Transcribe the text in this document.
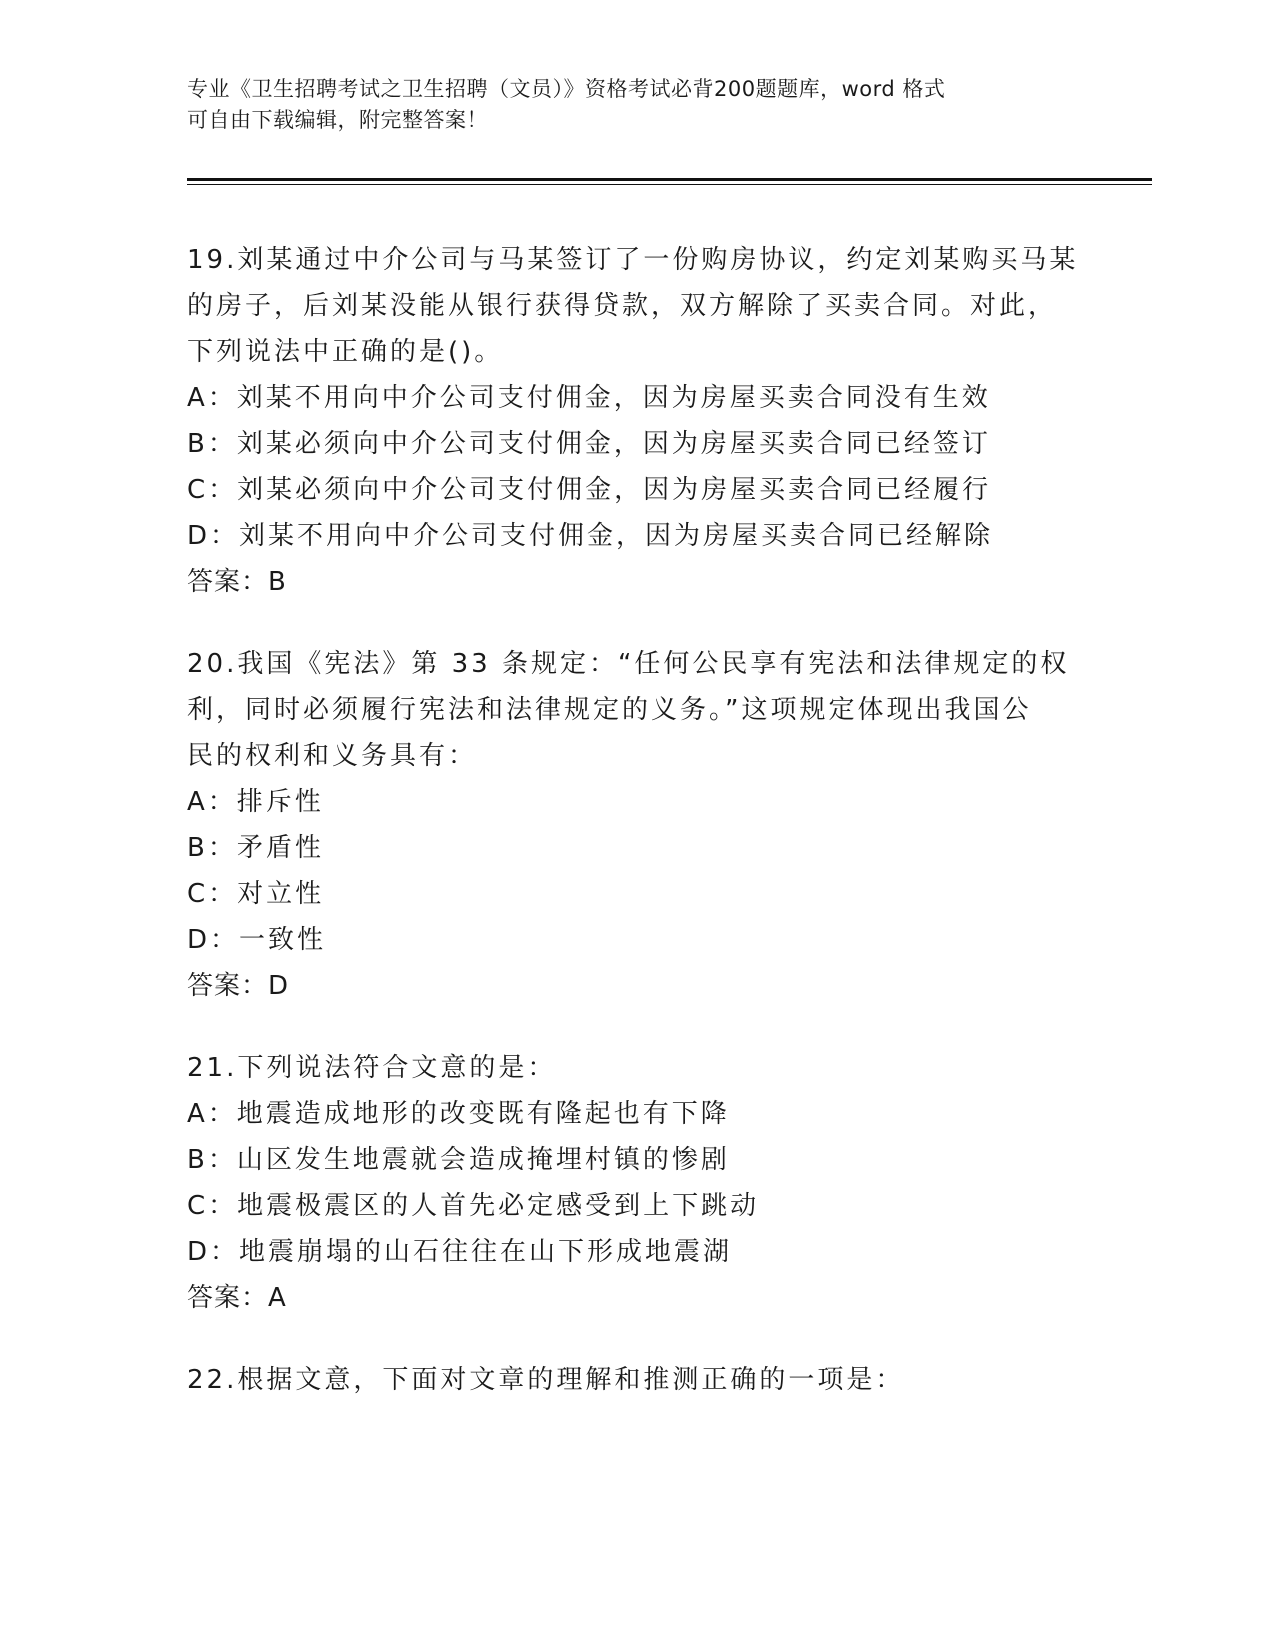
专业《卫生招聘考试之卫生招聘（文员）》资格考试必背200题题库，word 格式
可自由下载编辑，附完整答案！
19.刘某通过中介公司与马某签订了一份购房协议，约定刘某购买马某
的房子，后刘某没能从银行获得贷款，双方解除了买卖合同。对此，
下列说法中正确的是()。
A：刘某不用向中介公司支付佣金，因为房屋买卖合同没有生效
B：刘某必须向中介公司支付佣金，因为房屋买卖合同已经签订
C：刘某必须向中介公司支付佣金，因为房屋买卖合同已经履行
D：刘某不用向中介公司支付佣金，因为房屋买卖合同已经解除
答案：B
20.我国《宪法》第 33 条规定：“任何公民享有宪法和法律规定的权
利，同时必须履行宪法和法律规定的义务。”这项规定体现出我国公
民的权利和义务具有：
A：排斥性
B：矛盾性
C：对立性
D：一致性
答案：D
21.下列说法符合文意的是：
A：地震造成地形的改变既有隆起也有下降
B：山区发生地震就会造成掩埋村镇的惨剧
C：地震极震区的人首先必定感受到上下跳动
D：地震崩塌的山石往往在山下形成地震湖
答案：A
22.根据文意，下面对文章的理解和推测正确的一项是：
